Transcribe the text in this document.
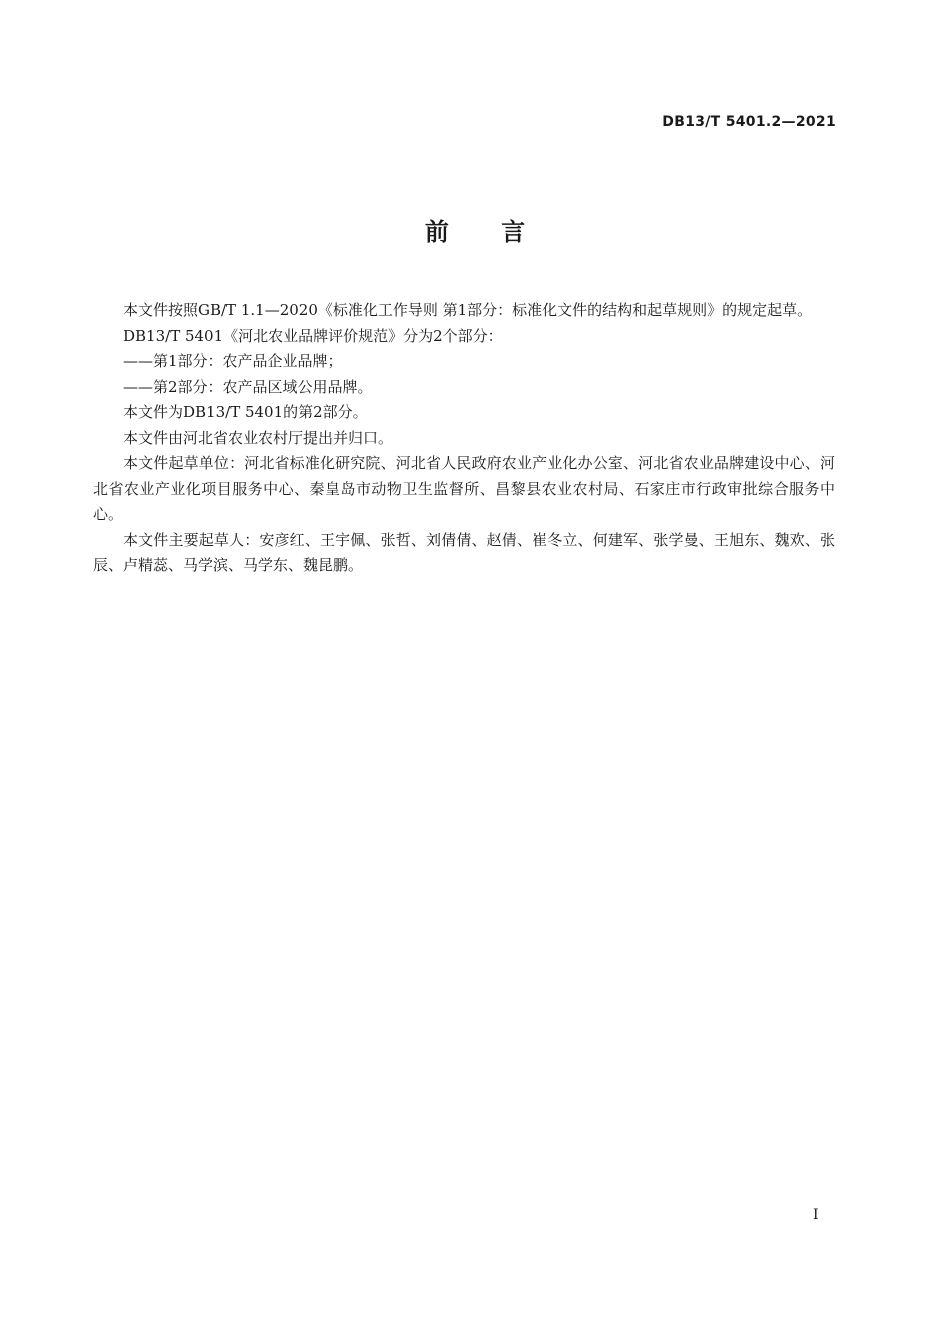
DB13/T 5401.2—2021
前 言

本文件按照GB/T 1.1—2020《标准化工作导则 第1部分：标准化文件的结构和起草规则》的规定起草。

DB13/T 5401《河北农业品牌评价规范》分为2个部分：

——第1部分：农产品企业品牌；

——第2部分：农产品区域公用品牌。

本文件为DB13/T 5401的第2部分。

本文件由河北省农业农村厅提出并归口。

本文件起草单位：河北省标准化研究院、河北省人民政府农业产业化办公室、河北省农业品牌建设中心、河北省农业产业化项目服务中心、秦皇岛市动物卫生监督所、昌黎县农业农村局、石家庄市行政审批综合服务中心。

本文件主要起草人：安彦红、王宇佩、张哲、刘倩倩、赵倩、崔冬立、何建军、张学曼、王旭东、魏欢、张辰、卢精蕊、马学滨、马学东、魏昆鹏。

I
